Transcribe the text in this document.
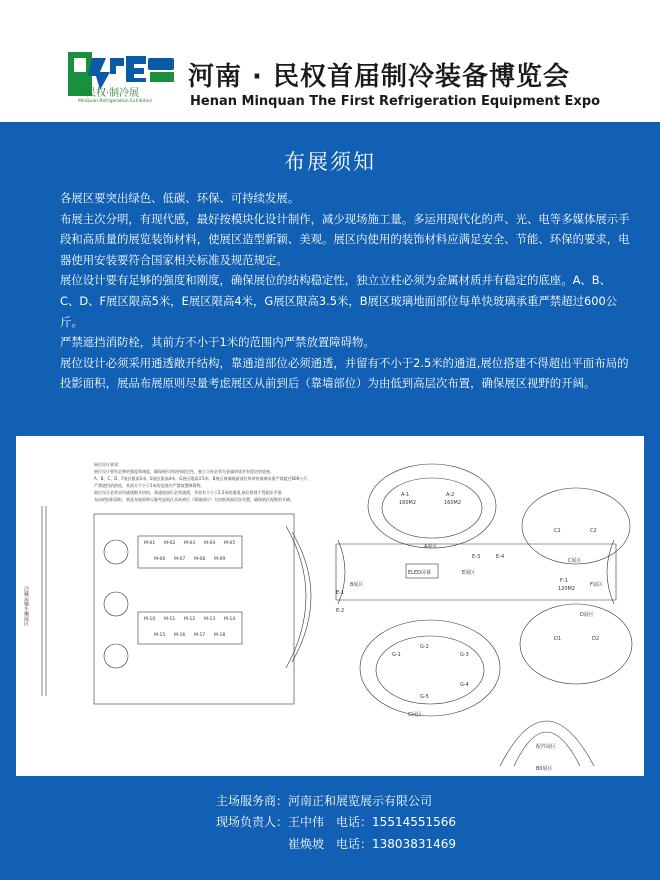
民权·制冷展
MinQuan Refrigeration Exhibition
河南 · 民权首届制冷装备博览会
Henan Minquan The First Refrigeration Equipment Expo
布展须知

各展区要突出绿色、低碳、环保、可持续发展。

布展主次分明，有现代感，最好按模块化设计制作，减少现场施工量。多运用现代化的声、光、电等多媒体展示手段和高质量的展览装饰材料，使展区造型新颖、美观。展区内使用的装饰材料应满足安全、节能、环保的要求，电器使用安装要符合国家相关标准及规范规定。

展位设计要有足够的强度和刚度，确保展位的结构稳定性，独立立柱必须为金属材质并有稳定的底座。A、B、C、D、F展区限高5米，E展区限高4米，G展区限高3.5米，B展区玻璃地面部位每单快玻璃承重严禁超过600公斤。

严禁遮挡消防栓，其前方不小于1米的范围内严禁放置障碍物。

展位设计必须采用通透敞开结构，靠通道部位必须通透，并留有不小于2.5米的通道,展位搭建不得超出平面布局的投影面积，展品布展原则尽量考虑展区从前到后（靠墙部位）为由低到高层次布置，确保展区视野的开阔。

展位设计要求:
展位设计要有足够的强度和刚度，确保展位的结构稳定性，独立立柱必须为金属材质并有稳定的底座。
A、B、C、D、F展区限高5米，E展区限高4米，G展区限高3.5米，B展区玻璃地面部位每单快玻璃承重严禁超过600公斤。
严禁遮挡消防栓，其前方不小于1米的范围内严禁放置障碍物。
展位设计必须采用通透敞开结构，靠通道部位必须通透，并留有不小于2.5米的通道,展位搭建不得超出平面
布局的投影面积，展品布展原则尽量考虑展区从前到后（靠墙部位）为由低到高层次布置，确保展区视野的开阔。
冷藏运输车辆展区
M-01 M-02 M-03 M-04 M-05
M-06 M-07 M-08 M-09
M-10 M-11 M-12 M-13 M-14
M-15 M-16 M-17 M-18
A-1
160M2
A-2
160M2
A展区
ELED屏幕
B展区
E展区
E-1
E-2
E-3	E-4
C1	C2
C展区
F-1
120M2
F展区
D1	D2
D展区
G-1
G-2
G-3
G-4
G-5
G展区
配件展区
B0展区
主场服务商：河南正和展览展示有限公司
现场负责人：王中伟 电话：15514551566
崔焕坡 电话：13803831469
